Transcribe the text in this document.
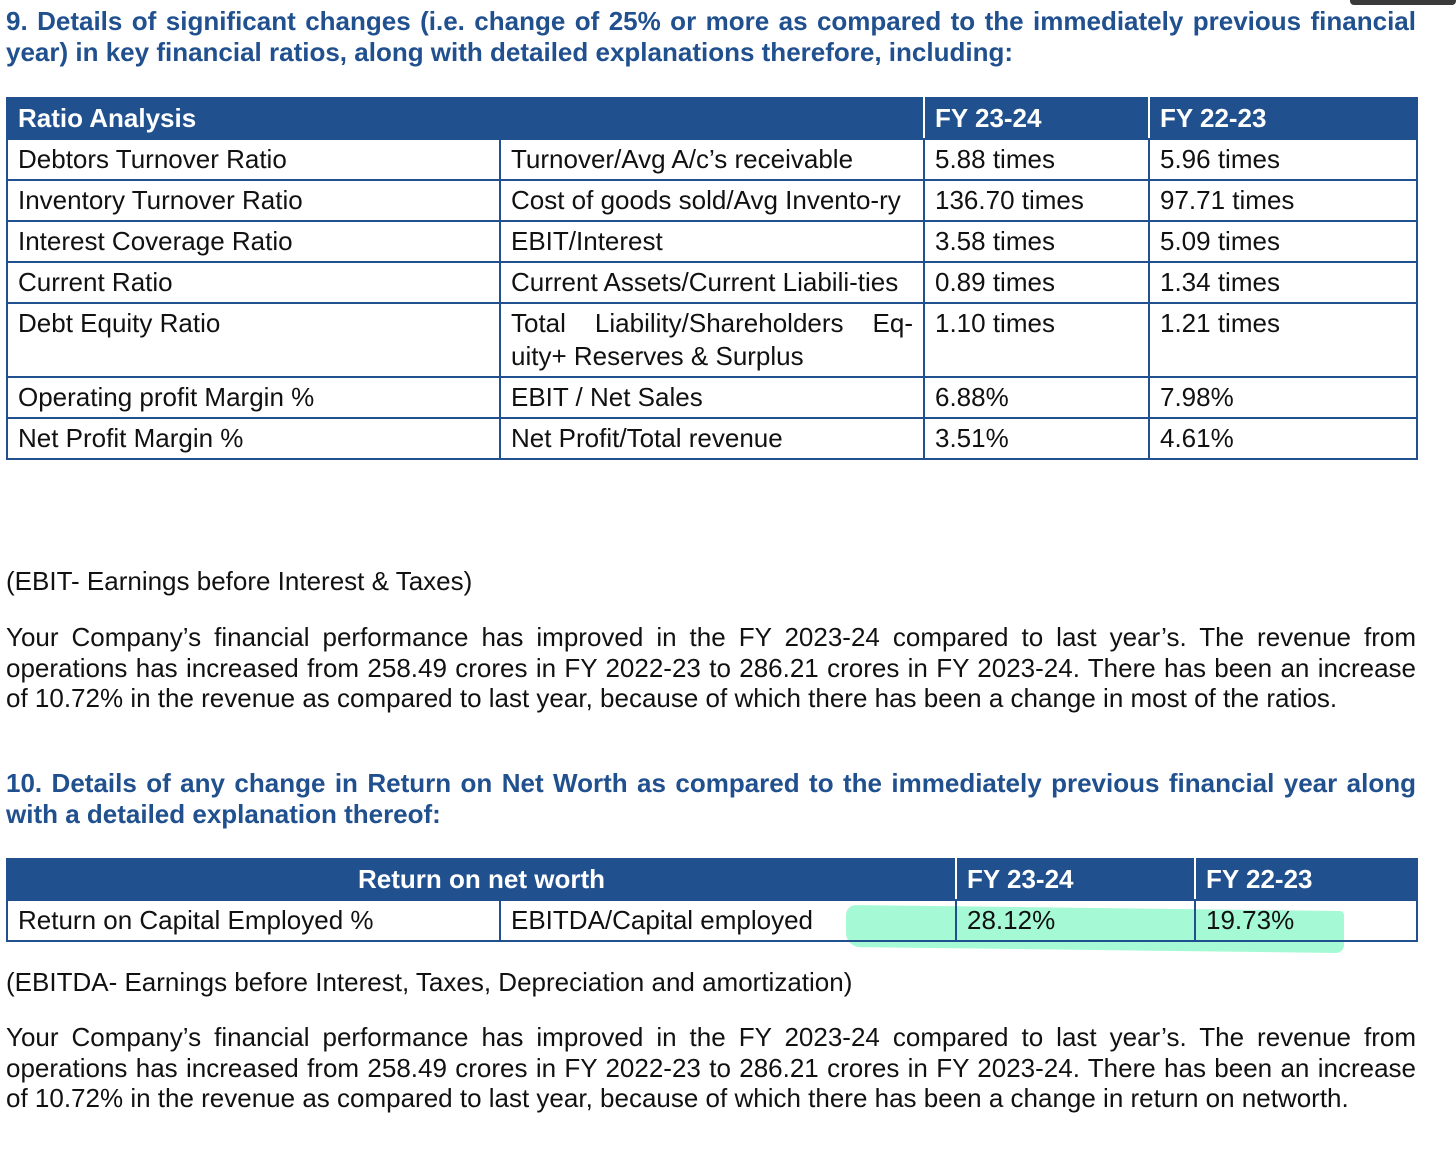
9. Details of significant changes (i.e. change of 25% or more as compared to the immediately previous financial year) in key financial ratios, along with detailed explanations therefore, including:

Ratio Analysis		FY 23-24	FY 22-23
Debtors Turnover Ratio	Turnover/Avg A/c’s receivable	5.88 times	5.96 times
Inventory Turnover Ratio	Cost of goods sold/Avg Invento-ry	136.70 times	97.71 times
Interest Coverage Ratio	EBIT/Interest	3.58 times	5.09 times
Current Ratio	Current Assets/Current Liabili-ties	0.89 times	1.34 times
Debt Equity Ratio	Total Liability/Shareholders Eq-uity+ Reserves & Surplus	1.10 times	1.21 times
Operating profit Margin %	EBIT / Net Sales	6.88%	7.98%
Net Profit Margin %	Net Profit/Total revenue	3.51%	4.61%

(EBIT- Earnings before Interest & Taxes)

Your Company’s financial performance has improved in the FY 2023-24 compared to last year’s. The revenue from operations has increased from 258.49 crores in FY 2022-23 to 286.21 crores in FY 2023-24. There has been an increase of 10.72% in the revenue as compared to last year, because of which there has been a change in most of the ratios.

10. Details of any change in Return on Net Worth as compared to the immediately previous financial year along with a detailed explanation thereof:

Return on net worth		FY 23-24	FY 22-23
Return on Capital Employed %	EBITDA/Capital employed	28.12%	19.73%

(EBITDA- Earnings before Interest, Taxes, Depreciation and amortization)

Your Company’s financial performance has improved in the FY 2023-24 compared to last year’s. The revenue from operations has increased from 258.49 crores in FY 2022-23 to 286.21 crores in FY 2023-24. There has been an increase of 10.72% in the revenue as compared to last year, because of which there has been a change in return on networth.
